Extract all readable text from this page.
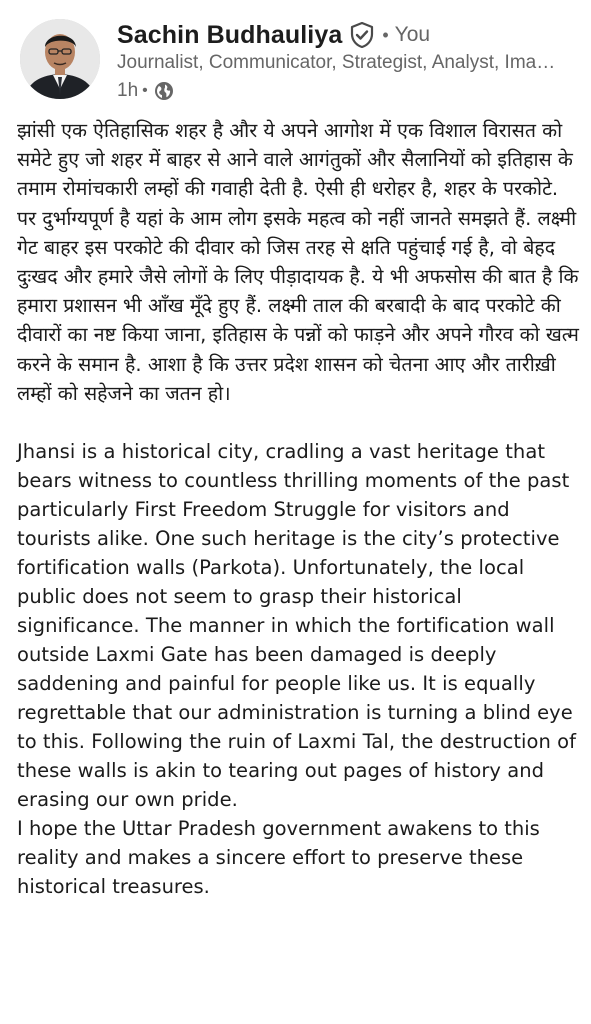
Sachin Budhauliya • You
Journalist, Communicator, Strategist, Analyst, Ima…
1h •

झांसी एक ऐतिहासिक शहर है और ये अपने आगोश में एक विशाल विरासत को समेटे हुए जो शहर में बाहर से आने वाले आगंतुकों और सैलानियों को इतिहास के तमाम रोमांचकारी लम्हों की गवाही देती है. ऐसी ही धरोहर है, शहर के परकोटे. पर दुर्भाग्यपूर्ण है यहां के आम लोग इसके महत्व को नहीं जानते समझते हैं. लक्ष्मी गेट बाहर इस परकोटे की दीवार को जिस तरह से क्षति पहुंचाई गई है, वो बेहद दुःखद और हमारे जैसे लोगों के लिए पीड़ादायक है. ये भी अफसोस की बात है कि हमारा प्रशासन भी आँख मूँदे हुए हैं. लक्ष्मी ताल की बरबादी के बाद परकोटे की दीवारों का नष्ट किया जाना, इतिहास के पन्नों को फाड़ने और अपने गौरव को खत्म करने के समान है. आशा है कि उत्तर प्रदेश शासन को चेतना आए और तारीख़ी लम्हों को सहेजने का जतन हो।

Jhansi is a historical city, cradling a vast heritage that bears witness to countless thrilling moments of the past particularly First Freedom Struggle for visitors and tourists alike. One such heritage is the city’s protective fortification walls (Parkota). Unfortunately, the local public does not seem to grasp their historical significance. The manner in which the fortification wall outside Laxmi Gate has been damaged is deeply saddening and painful for people like us. It is equally regrettable that our administration is turning a blind eye to this. Following the ruin of Laxmi Tal, the destruction of these walls is akin to tearing out pages of history and erasing our own pride.

I hope the Uttar Pradesh government awakens to this reality and makes a sincere effort to preserve these historical treasures.
